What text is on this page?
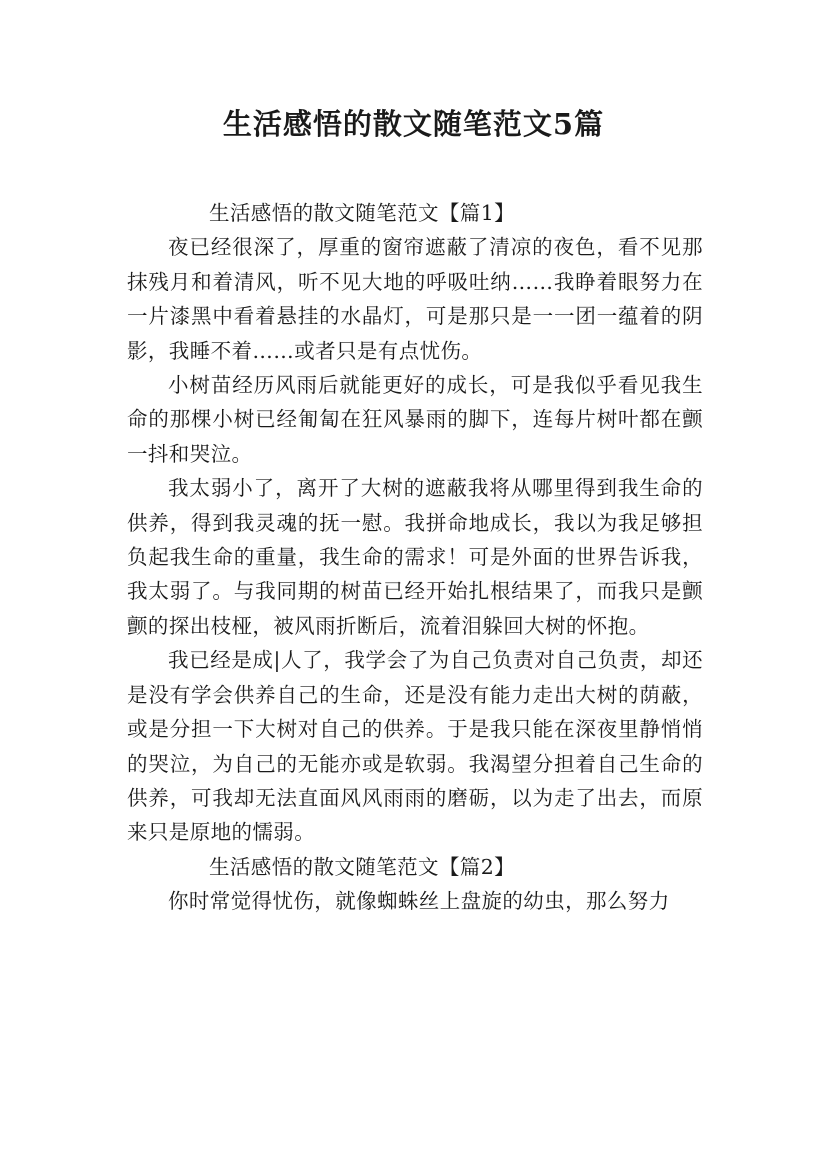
生活感悟的散文随笔范文5篇

生活感悟的散文随笔范文【篇1】

夜已经很深了，厚重的窗帘遮蔽了清凉的夜色，看不见那抹残月和着清风，听不见大地的呼吸吐纳……我睁着眼努力在一片漆黑中看着悬挂的水晶灯，可是那只是一一团一蕴着的阴影，我睡不着……或者只是有点忧伤。

小树苗经历风雨后就能更好的成长，可是我似乎看见我生命的那棵小树已经匍匐在狂风暴雨的脚下，连每片树叶都在颤一抖和哭泣。

我太弱小了，离开了大树的遮蔽我将从哪里得到我生命的供养，得到我灵魂的抚一慰。我拼命地成长，我以为我足够担负起我生命的重量，我生命的需求！可是外面的世界告诉我，我太弱了。与我同期的树苗已经开始扎根结果了，而我只是颤颤的探出枝桠，被风雨折断后，流着泪躲回大树的怀抱。

我已经是成|人了，我学会了为自己负责对自己负责，却还是没有学会供养自己的生命，还是没有能力走出大树的荫蔽，或是分担一下大树对自己的供养。于是我只能在深夜里静悄悄的哭泣，为自己的无能亦或是软弱。我渴望分担着自己生命的供养，可我却无法直面风风雨雨的磨砺，以为走了出去，而原来只是原地的懦弱。

生活感悟的散文随笔范文【篇2】

你时常觉得忧伤，就像蜘蛛丝上盘旋的幼虫，那么努力
